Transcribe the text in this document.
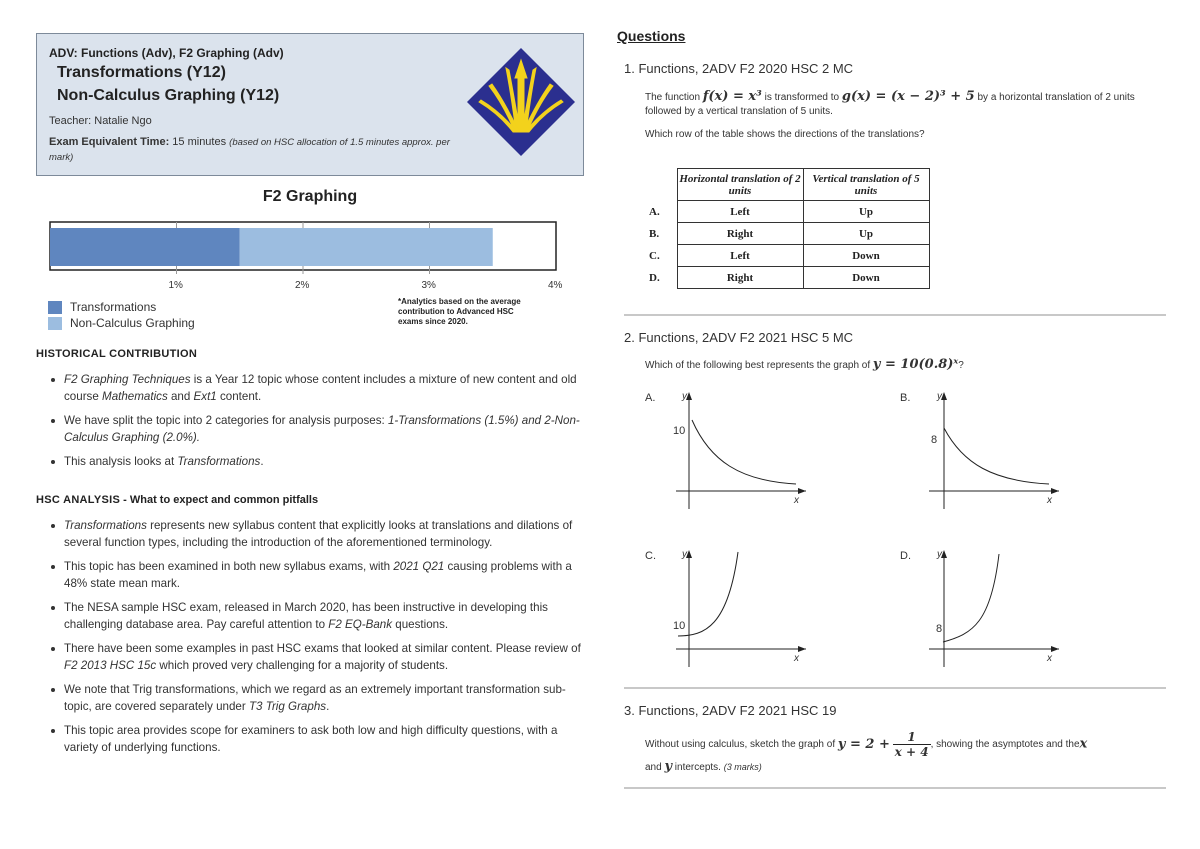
ADV: Functions (Adv), F2 Graphing (Adv)
Transformations (Y12)
Non-Calculus Graphing (Y12)
Teacher: Natalie Ngo
Exam Equivalent Time: 15 minutes (based on HSC allocation of 1.5 minutes approx. per mark)
F2 Graphing
1%	2%	3%	4%
Transformations
Non-Calculus Graphing
*Analytics based on the average contribution to Advanced HSC exams since 2020.
HISTORICAL CONTRIBUTION
F2 Graphing Techniques is a Year 12 topic whose content includes a mixture of new content and old course Mathematics and Ext1 content.
We have split the topic into 2 categories for analysis purposes: 1-Transformations (1.5%) and 2-Non-Calculus Graphing (2.0%).
This analysis looks at Transformations.
HSC ANALYSIS - What to expect and common pitfalls
Transformations represents new syllabus content that explicitly looks at translations and dilations of several function types, including the introduction of the aforementioned terminology.
This topic has been examined in both new syllabus exams, with 2021 Q21 causing problems with a 48% state mean mark.
The NESA sample HSC exam, released in March 2020, has been instructive in developing this challenging database area. Pay careful attention to F2 EQ-Bank questions.
There have been some examples in past HSC exams that looked at similar content. Please review of F2 2013 HSC 15c which proved very challenging for a majority of students.
We note that Trig transformations, which we regard as an extremely important transformation sub-topic, are covered separately under T3 Trig Graphs.
This topic area provides scope for examiners to ask both low and high difficulty questions, with a variety of underlying functions.
Questions
1. Functions, 2ADV F2 2020 HSC 2 MC
The function f(x) = x³ is transformed to g(x) = (x − 2)³ + 5 by a horizontal translation of 2 units followed by a vertical translation of 5 units.
Which row of the table shows the directions of the translations?
	Horizontal translation of 2 units	Vertical translation of 5 units
A.	Left	Up
B.	Right	Up
C.	Left	Down
D.	Right	Down
2. Functions, 2ADV F2 2021 HSC 5 MC
Which of the following best represents the graph of y = 10(0.8)ˣ?
A.	y
x
10
B.	y
x
8
C.	y
x
10
D.	y
x
8
3. Functions, 2ADV F2 2021 HSC 19
Without using calculus, sketch the graph of $y = 2 + \frac{1}{x + 4}$ , showing the asymptotes and thex
and y intercepts. (3 marks)
